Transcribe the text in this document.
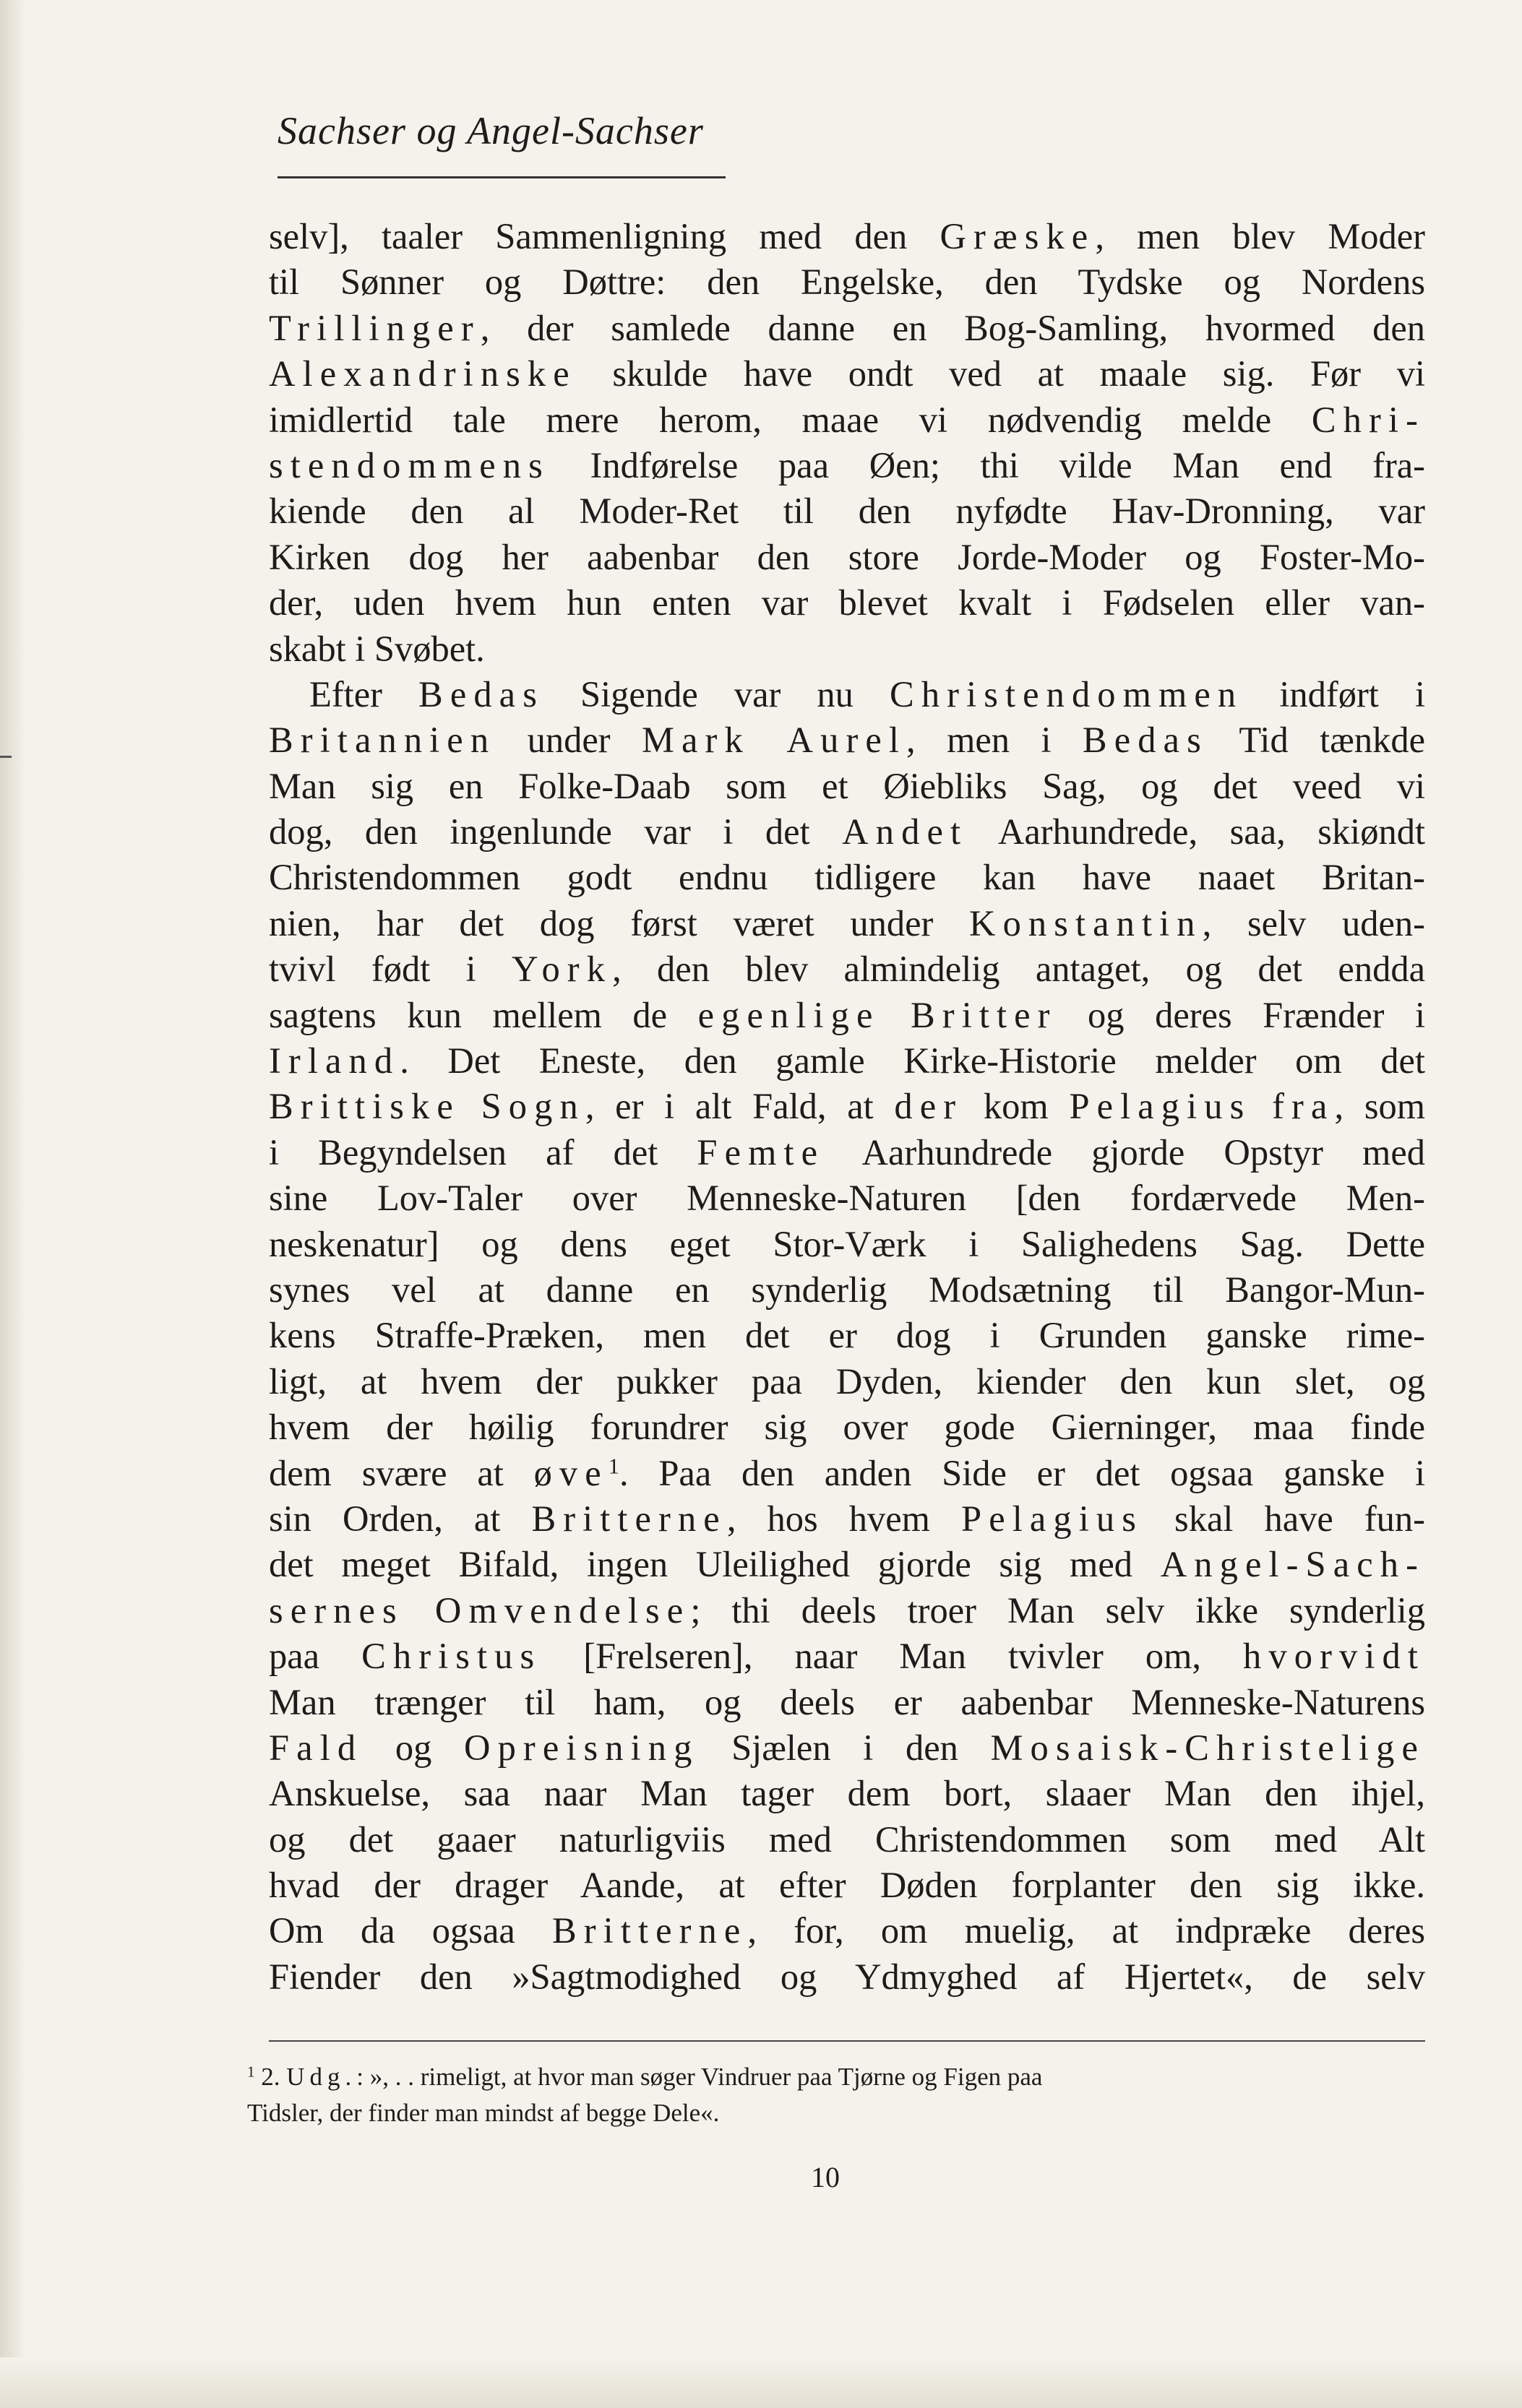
Sachser og Angel-Sachser
selv], taaler Sammenligning med den Græske, men blev Moder
til Sønner og Døttre: den Engelske, den Tydske og Nordens
Trillinger, der samlede danne en Bog-Samling, hvormed den
Alexandrinske skulde have ondt ved at maale sig. Før vi
imidlertid tale mere herom, maae vi nødvendig melde Chri-
stendommens Indførelse paa Øen; thi vilde Man end fra-
kiende den al Moder-Ret til den nyfødte Hav-Dronning, var
Kirken dog her aabenbar den store Jorde-Moder og Foster-Mo-
der, uden hvem hun enten var blevet kvalt i Fødselen eller van-
skabt i Svøbet.
Efter Bedas Sigende var nu Christendommen indført i
Britannien under Mark Aurel, men i Bedas Tid tænkde
Man sig en Folke-Daab som et Øiebliks Sag, og det veed vi
dog, den ingenlunde var i det Andet Aarhundrede, saa, skiøndt
Christendommen godt endnu tidligere kan have naaet Britan-
nien, har det dog først været under Konstantin, selv uden-
tvivl født i York, den blev almindelig antaget, og det endda
sagtens kun mellem de egenlige Britter og deres Frænder i
Irland. Det Eneste, den gamle Kirke-Historie melder om det
Brittiske Sogn, er i alt Fald, at der kom Pelagius fra, som
i Begyndelsen af det Femte Aarhundrede gjorde Opstyr med
sine Lov-Taler over Menneske-Naturen [den fordærvede Men-
neskenatur] og dens eget Stor-Værk i Salighedens Sag. Dette
synes vel at danne en synderlig Modsætning til Bangor-Mun-
kens Straffe-Præken, men det er dog i Grunden ganske rime-
ligt, at hvem der pukker paa Dyden, kiender den kun slet, og
hvem der høilig forundrer sig over gode Gierninger, maa finde
dem svære at øve$^1$. Paa den anden Side er det ogsaa ganske i
sin Orden, at Britterne, hos hvem Pelagius skal have fun-
det meget Bifald, ingen Uleilighed gjorde sig med Angel-Sach-
sernes Omvendelse; thi deels troer Man selv ikke synderlig
paa Christus [Frelseren], naar Man tvivler om, hvorvidt
Man trænger til ham, og deels er aabenbar Menneske-Naturens
Fald og Opreisning Sjælen i den Mosaisk-Christelige
Anskuelse, saa naar Man tager dem bort, slaaer Man den ihjel,
og det gaaer naturligviis med Christendommen som med Alt
hvad der drager Aande, at efter Døden forplanter den sig ikke.
Om da ogsaa Britterne, for, om muelig, at indpræke deres
Fiender den »Sagtmodighed og Ydmyghed af Hjertet«, de selv
$^1$ 2. Udg.: », . . rimeligt, at hvor man søger Vindruer paa Tjørne og Figen paa
Tidsler, der finder man mindst af begge Dele«.
10
